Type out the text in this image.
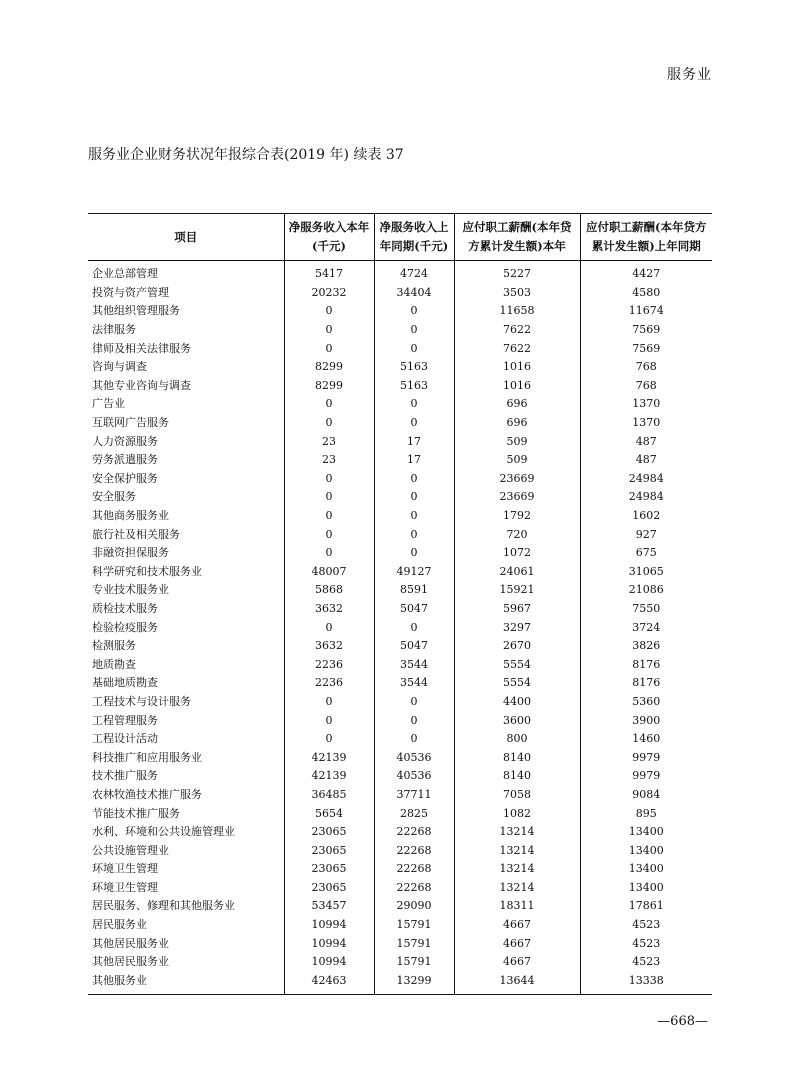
服务业
服务业企业财务状况年报综合表(2019 年) 续表 37
项目	净服务收入本年(千元)	净服务收入上年同期(千元)	应付职工薪酬(本年贷方累计发生额)本年	应付职工薪酬(本年贷方累计发生额)上年同期
企业总部管理	5417	4724	5227	4427
投资与资产管理	20232	34404	3503	4580
其他组织管理服务	0	0	11658	11674
法律服务	0	0	7622	7569
律师及相关法律服务	0	0	7622	7569
咨询与调查	8299	5163	1016	768
其他专业咨询与调查	8299	5163	1016	768
广告业	0	0	696	1370
互联网广告服务	0	0	696	1370
人力资源服务	23	17	509	487
劳务派遣服务	23	17	509	487
安全保护服务	0	0	23669	24984
安全服务	0	0	23669	24984
其他商务服务业	0	0	1792	1602
旅行社及相关服务	0	0	720	927
非融资担保服务	0	0	1072	675
科学研究和技术服务业	48007	49127	24061	31065
专业技术服务业	5868	8591	15921	21086
质检技术服务	3632	5047	5967	7550
检验检疫服务	0	0	3297	3724
检测服务	3632	5047	2670	3826
地质勘查	2236	3544	5554	8176
基础地质勘查	2236	3544	5554	8176
工程技术与设计服务	0	0	4400	5360
工程管理服务	0	0	3600	3900
工程设计活动	0	0	800	1460
科技推广和应用服务业	42139	40536	8140	9979
技术推广服务	42139	40536	8140	9979
农林牧渔技术推广服务	36485	37711	7058	9084
节能技术推广服务	5654	2825	1082	895
水利、环境和公共设施管理业	23065	22268	13214	13400
公共设施管理业	23065	22268	13214	13400
环境卫生管理	23065	22268	13214	13400
环境卫生管理	23065	22268	13214	13400
居民服务、修理和其他服务业	53457	29090	18311	17861
居民服务业	10994	15791	4667	4523
其他居民服务业	10994	15791	4667	4523
其他居民服务业	10994	15791	4667	4523
其他服务业	42463	13299	13644	13338
—668—
